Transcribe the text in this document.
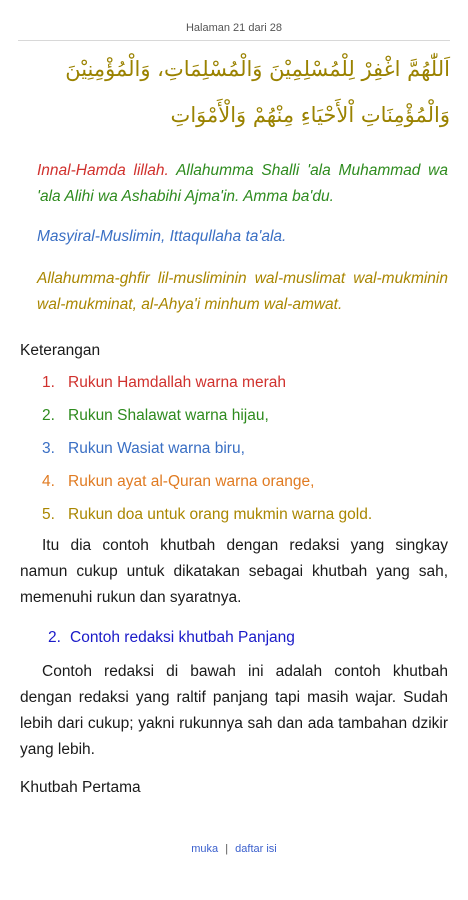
Halaman 21 dari 28
اَللّٰهُمَّ اغْفِرْ لِلْمُسْلِمِيْنَ وَالْمُسْلِمَاتِ، وَالْمُؤْمِنِيْنَ
وَالْمُؤْمِنَاتِ اْلأَحْيَاءِ مِنْهُمْ وَالْأَمْوَاتِ
Innal-Hamda lillah. Allahumma Shalli 'ala Muhammad wa 'ala Alihi wa Ashabihi Ajma'in. Amma ba'du.
Masyiral-Muslimin, Ittaqullaha ta'ala.
Allahumma-ghfir lil-musliminin wal-muslimat wal-mukminin wal-mukminat, al-Ahya'i minhum wal-amwat.
Keterangan
1. Rukun Hamdallah warna merah
2. Rukun Shalawat warna hijau,
3. Rukun Wasiat warna biru,
4. Rukun ayat al-Quran warna orange,
5. Rukun doa untuk orang mukmin warna gold.

Itu dia contoh khutbah dengan redaksi yang singkay namun cukup untuk dikatakan sebagai khutbah yang sah, memenuhi rukun dan syaratnya.

2. Contoh redaksi khutbah Panjang

Contoh redaksi di bawah ini adalah contoh khutbah dengan redaksi yang raltif panjang tapi masih wajar. Sudah lebih dari cukup; yakni rukunnya sah dan ada tambahan dzikir yang lebih.

Khutbah Pertama
muka | daftar isi
